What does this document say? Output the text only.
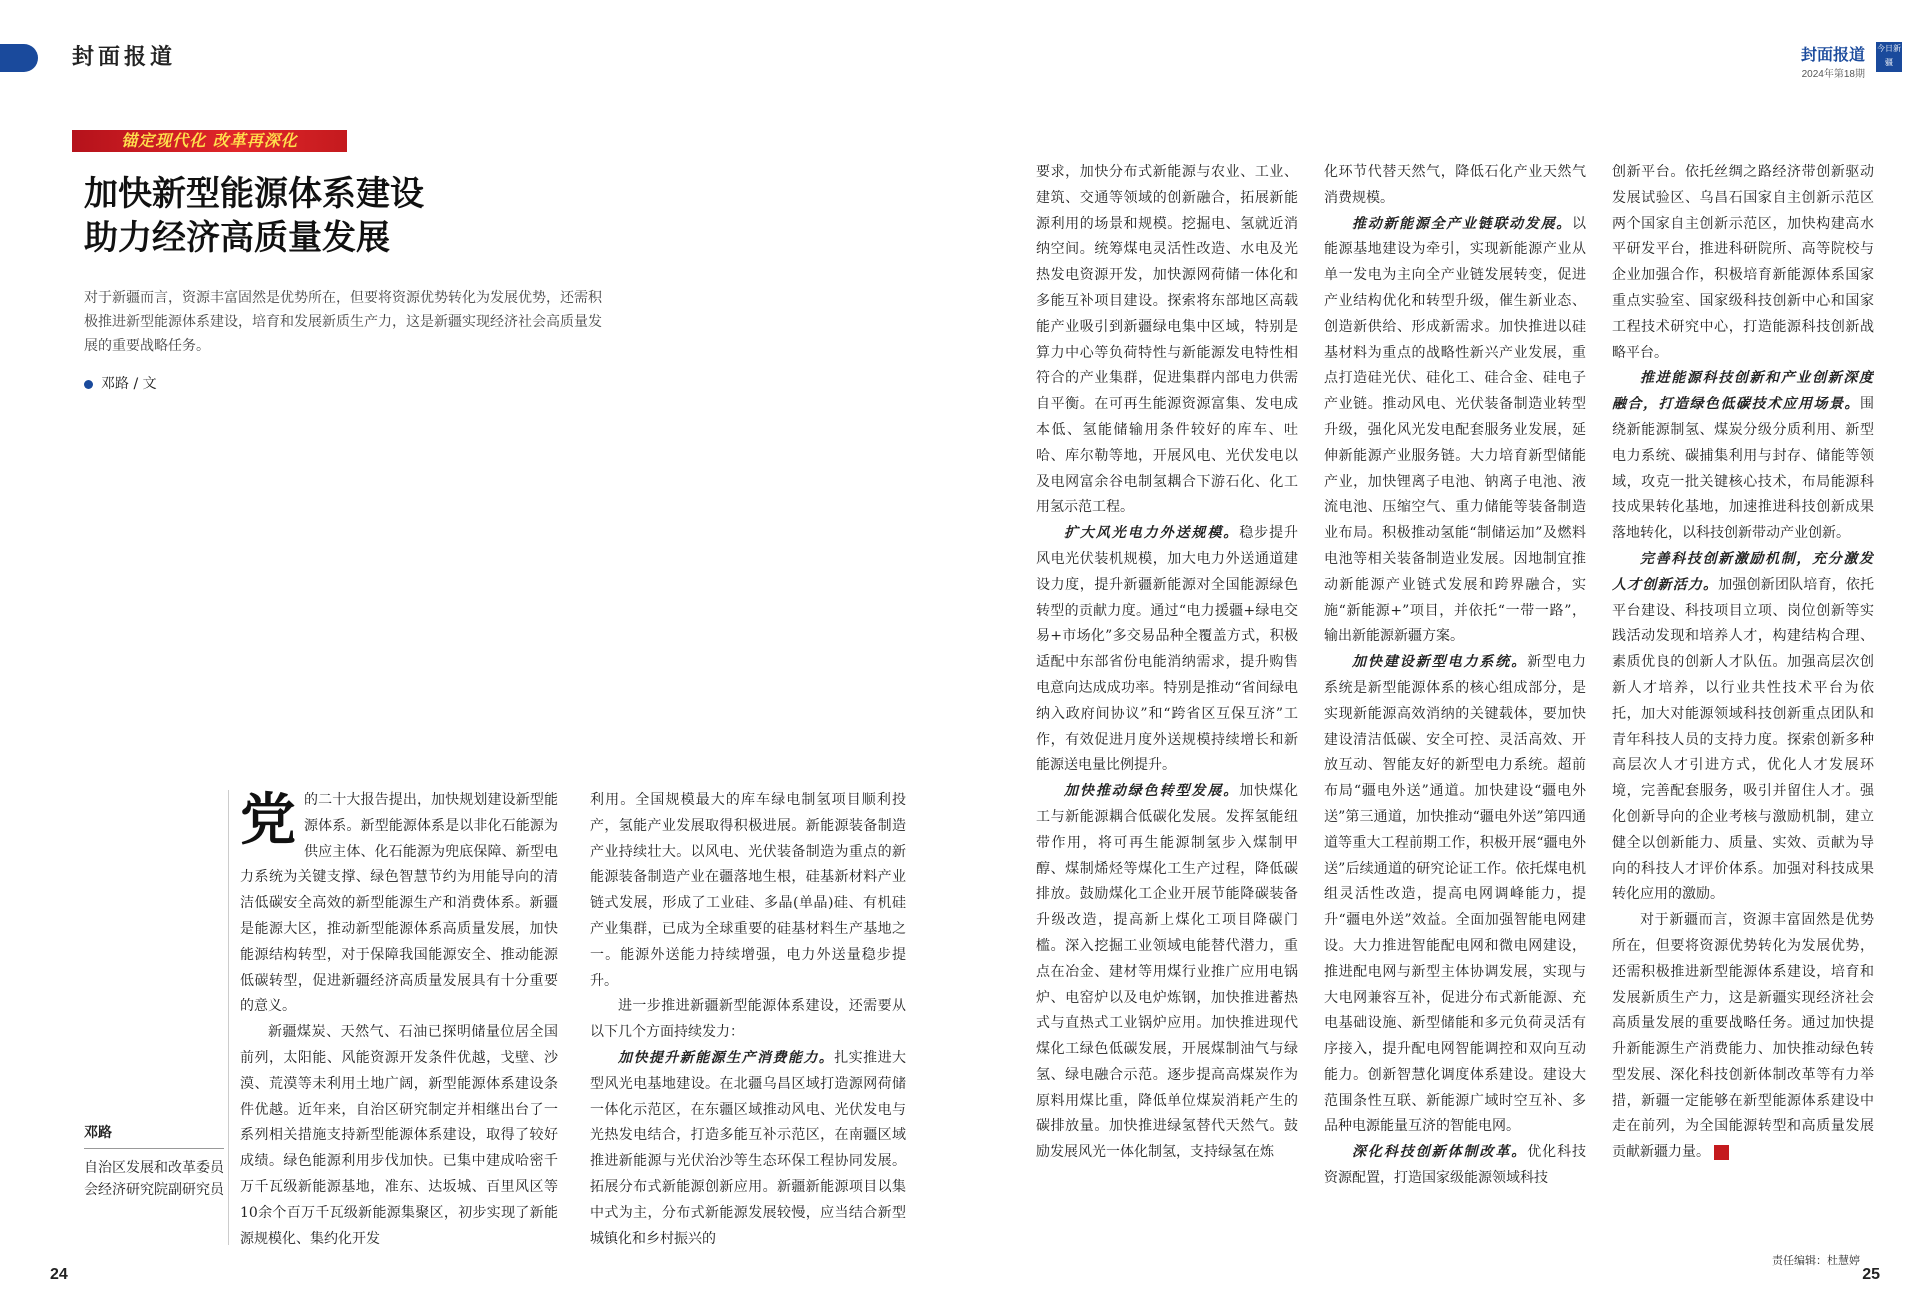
封面报道
锚定现代化 改革再深化
加快新型能源体系建设
助力经济高质量发展
对于新疆而言，资源丰富固然是优势所在，但要将资源优势转化为发展优势，还需积极推进新型能源体系建设，培育和发展新质生产力，这是新疆实现经济社会高质量发展的重要战略任务。
邓路 / 文
邓路
自治区发展和改革委员会经济研究院副研究员
党 的二十大报告提出，加快规划建设新型能源体系。新型能源体系是以非化石能源为供应主体、化石能源为兜底保障、新型电力系统为关键支撑、绿色智慧节约为用能导向的清洁低碳安全高效的新型能源生产和消费体系。新疆是能源大区，推动新型能源体系高质量发展，加快能源结构转型，对于保障我国能源安全、推动能源低碳转型，促进新疆经济高质量发展具有十分重要的意义。

新疆煤炭、天然气、石油已探明储量位居全国前列，太阳能、风能资源开发条件优越，戈壁、沙漠、荒漠等未利用土地广阔，新型能源体系建设条件优越。近年来，自治区研究制定并相继出台了一系列相关措施支持新型能源体系建设，取得了较好成绩。绿色能源利用步伐加快。已集中建成哈密千万千瓦级新能源基地，准东、达坂城、百里风区等10余个百万千瓦级新能源集聚区，初步实现了新能源规模化、集约化开发

利用。全国规模最大的库车绿电制氢项目顺利投产，氢能产业发展取得积极进展。新能源装备制造产业持续壮大。以风电、光伏装备制造为重点的新能源装备制造产业在疆落地生根，硅基新材料产业链式发展，形成了工业硅、多晶(单晶)硅、有机硅产业集群，已成为全球重要的硅基材料生产基地之一。能源外送能力持续增强，电力外送量稳步提升。

进一步推进新疆新型能源体系建设，还需要从以下几个方面持续发力：

加快提升新能源生产消费能力。扎实推进大型风光电基地建设。在北疆乌昌区域打造源网荷储一体化示范区，在东疆区域推动风电、光伏发电与光热发电结合，打造多能互补示范区，在南疆区域推进新能源与光伏治沙等生态环保工程协同发展。拓展分布式新能源创新应用。新疆新能源项目以集中式为主，分布式新能源发展较慢，应当结合新型城镇化和乡村振兴的

24
封面报道
2024年第18期
今日新疆

要求，加快分布式新能源与农业、工业、建筑、交通等领域的创新融合，拓展新能源利用的场景和规模。挖掘电、氢就近消纳空间。统筹煤电灵活性改造、水电及光热发电资源开发，加快源网荷储一体化和多能互补项目建设。探索将东部地区高载能产业吸引到新疆绿电集中区域，特别是算力中心等负荷特性与新能源发电特性相符合的产业集群，促进集群内部电力供需自平衡。在可再生能源资源富集、发电成本低、氢能储输用条件较好的库车、吐哈、库尔勒等地，开展风电、光伏发电以及电网富余谷电制氢耦合下游石化、化工用氢示范工程。

扩大风光电力外送规模。稳步提升风电光伏装机规模，加大电力外送通道建设力度，提升新疆新能源对全国能源绿色转型的贡献力度。通过“电力援疆+绿电交易+市场化”多交易品种全覆盖方式，积极适配中东部省份电能消纳需求，提升购售电意向达成成功率。特别是推动“省间绿电纳入政府间协议”和“跨省区互保互济”工作，有效促进月度外送规模持续增长和新能源送电量比例提升。

加快推动绿色转型发展。加快煤化工与新能源耦合低碳化发展。发挥氢能纽带作用，将可再生能源制氢步入煤制甲醇、煤制烯烃等煤化工生产过程，降低碳排放。鼓励煤化工企业开展节能降碳装备升级改造，提高新上煤化工项目降碳门槛。深入挖掘工业领域电能替代潜力，重点在冶金、建材等用煤行业推广应用电锅炉、电窑炉以及电炉炼钢，加快推进蓄热式与直热式工业锅炉应用。加快推进现代煤化工绿色低碳发展，开展煤制油气与绿氢、绿电融合示范。逐步提高高煤炭作为原料用煤比重，降低单位煤炭消耗产生的碳排放量。加快推进绿氢替代天然气。鼓励发展风光一体化制氢，支持绿氢在炼

化环节代替天然气，降低石化产业天然气消费规模。

推动新能源全产业链联动发展。以能源基地建设为牵引，实现新能源产业从单一发电为主向全产业链发展转变，促进产业结构优化和转型升级，催生新业态、创造新供给、形成新需求。加快推进以硅基材料为重点的战略性新兴产业发展，重点打造硅光伏、硅化工、硅合金、硅电子产业链。推动风电、光伏装备制造业转型升级，强化风光发电配套服务业发展，延伸新能源产业服务链。大力培育新型储能产业，加快锂离子电池、钠离子电池、液流电池、压缩空气、重力储能等装备制造业布局。积极推动氢能“制储运加”及燃料电池等相关装备制造业发展。因地制宜推动新能源产业链式发展和跨界融合，实施“新能源+”项目，并依托“一带一路”，输出新能源新疆方案。

加快建设新型电力系统。新型电力系统是新型能源体系的核心组成部分，是实现新能源高效消纳的关键载体，要加快建设清洁低碳、安全可控、灵活高效、开放互动、智能友好的新型电力系统。超前布局“疆电外送”通道。加快建设“疆电外送”第三通道，加快推动“疆电外送”第四通道等重大工程前期工作，积极开展“疆电外送”后续通道的研究论证工作。依托煤电机组灵活性改造，提高电网调峰能力，提升“疆电外送”效益。全面加强智能电网建设。大力推进智能配电网和微电网建设，推进配电网与新型主体协调发展，实现与大电网兼容互补，促进分布式新能源、充电基础设施、新型储能和多元负荷灵活有序接入，提升配电网智能调控和双向互动能力。创新智慧化调度体系建设。建设大范围条性互联、新能源广域时空互补、多品种电源能量互济的智能电网。

深化科技创新体制改革。优化科技资源配置，打造国家级能源领域科技

创新平台。依托丝绸之路经济带创新驱动发展试验区、乌昌石国家自主创新示范区两个国家自主创新示范区，加快构建高水平研发平台，推进科研院所、高等院校与企业加强合作，积极培育新能源体系国家重点实验室、国家级科技创新中心和国家工程技术研究中心，打造能源科技创新战略平台。

推进能源科技创新和产业创新深度融合，打造绿色低碳技术应用场景。围绕新能源制氢、煤炭分级分质利用、新型电力系统、碳捕集利用与封存、储能等领域，攻克一批关键核心技术，布局能源科技成果转化基地，加速推进科技创新成果落地转化，以科技创新带动产业创新。

完善科技创新激励机制，充分激发人才创新活力。加强创新团队培育，依托平台建设、科技项目立项、岗位创新等实践活动发现和培养人才，构建结构合理、素质优良的创新人才队伍。加强高层次创新人才培养，以行业共性技术平台为依托，加大对能源领域科技创新重点团队和青年科技人员的支持力度。探索创新多种高层次人才引进方式，优化人才发展环境，完善配套服务，吸引并留住人才。强化创新导向的企业考核与激励机制，建立健全以创新能力、质量、实效、贡献为导向的科技人才评价体系。加强对科技成果转化应用的激励。

对于新疆而言，资源丰富固然是优势所在，但要将资源优势转化为发展优势，还需积极推进新型能源体系建设，培育和发展新质生产力，这是新疆实现经济社会高质量发展的重要战略任务。通过加快提升新能源生产消费能力、加快推动绿色转型发展、深化科技创新体制改革等有力举措，新疆一定能够在新型能源体系建设中走在前列，为全国能源转型和高质量发展贡献新疆力量。

责任编辑：杜慧婷
25
